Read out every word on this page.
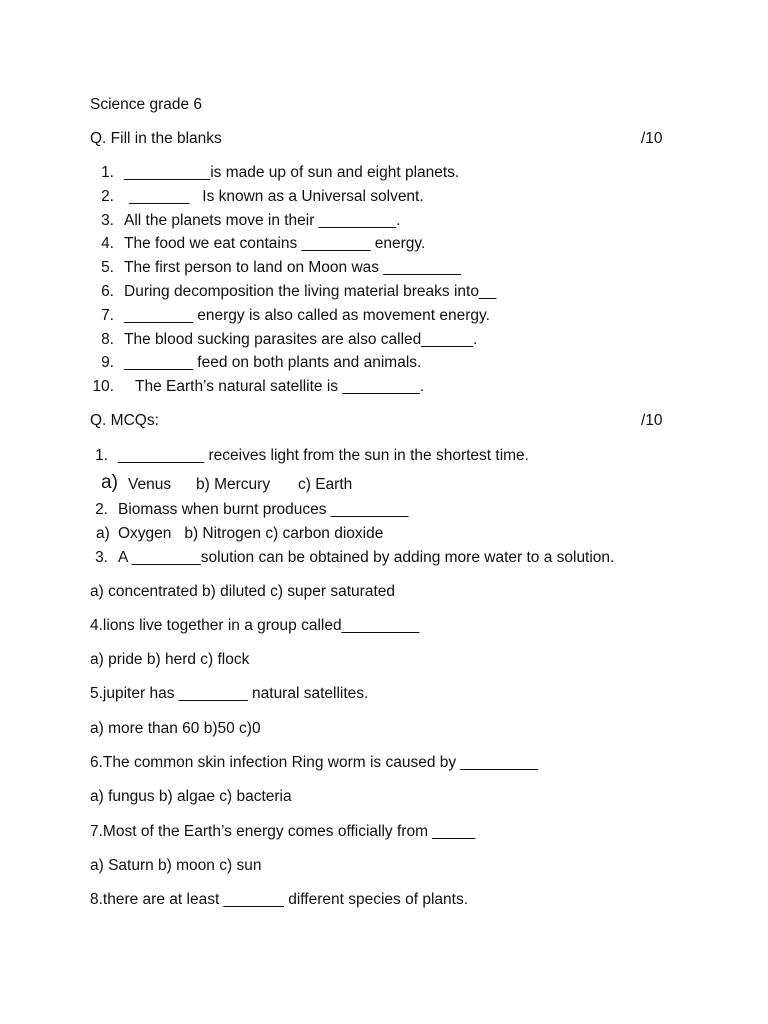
Science grade 6
Q. Fill in the blanks	/10
1. __________is made up of sun and eight planets.
2. _______   Is known as a Universal solvent.
3. All the planets move in their _________.
4. The food we eat contains ________ energy.
5. The first person to land on Moon was _________
6. During decomposition the living material breaks into__
7. ________ energy is also called as movement energy.
8. The blood sucking parasites are also called______.
9. ________ feed on both plants and animals.
10. The Earth’s natural satellite is _________.
Q. MCQs:	/10
1. __________ receives light from the sun in the shortest time.
a) Venus b) Mercury c) Earth
2. Biomass when burnt produces _________
a) Oxygen   b) Nitrogen c) carbon dioxide
3. A ________solution can be obtained by adding more water to a solution.
a) concentrated b) diluted c) super saturated
4.lions live together in a group called_________
a) pride b) herd c) flock
5.jupiter has ________ natural satellites.
a) more than 60 b)50 c)0
6.The common skin infection Ring worm is caused by _________
a) fungus b) algae c) bacteria
7.Most of the Earth’s energy comes officially from _____
a) Saturn b) moon c) sun
8.there are at least _______ different species of plants.
